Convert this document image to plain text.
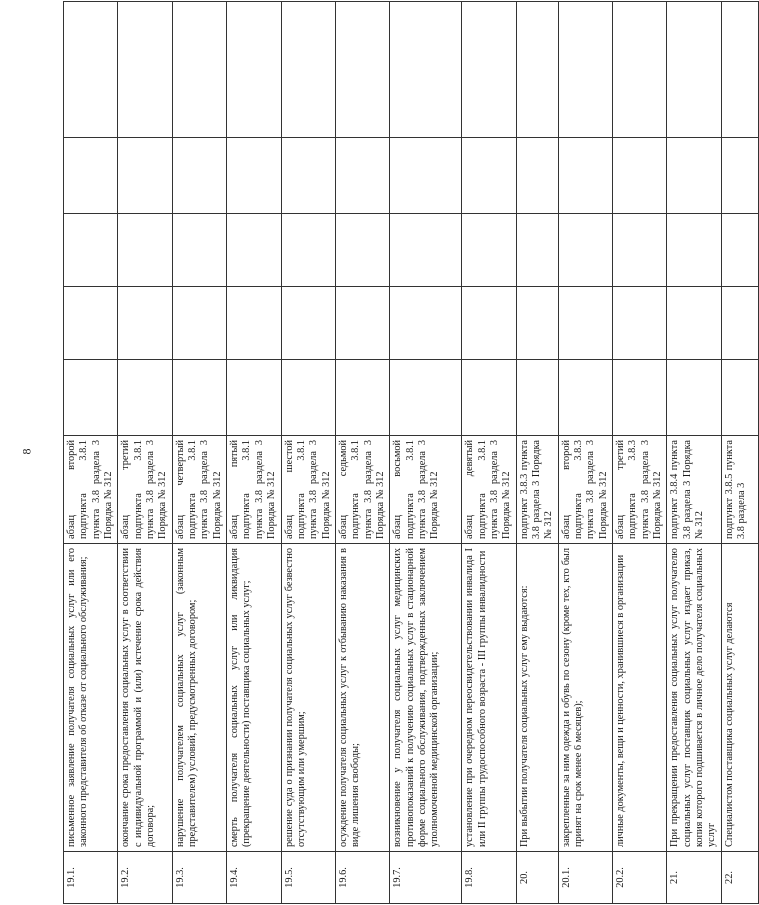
8
19.1.	письменное заявление получателя социальных услуг или его законного представителя об отказе от социального обслуживания;	абзац второй подпункта 3.8.1 пункта 3.8 раздела 3 Порядка № 312					
19.2.	окончание срока предоставления социальных услуг в соответствии с индивидуальной программой и (или) истечение срока действия договора;	абзац третий подпункта 3.8.1 пункта 3.8 раздела 3 Порядка № 312					
19.3.	нарушение получателем социальных услуг (законным представителем) условий, предусмотренных договором;	абзац четвертый подпункта 3.8.1 пункта 3.8 раздела 3 Порядка № 312					
19.4.	смерть получателя социальных услуг или ликвидация (прекращение деятельности) поставщика социальных услуг;	абзац пятый подпункта 3.8.1 пункта 3.8 раздела 3 Порядка № 312					
19.5.	решение суда о признании получателя социальных услуг безвестно отсутствующим или умершим;	абзац шестой подпункта 3.8.1 пункта 3.8 раздела 3 Порядка № 312					
19.6.	осуждение получателя социальных услуг к отбыванию наказания в виде лишения свободы;	абзац седьмой подпункта 3.8.1 пункта 3.8 раздела 3 Порядка № 312					
19.7.	возникновение у получателя социальных услуг медицинских противопоказаний к получению социальных услуг в стационарной форме социального обслуживания, подтвержденных заключением уполномоченной медицинской организации;	абзац восьмой подпункта 3.8.1 пункта 3.8 раздела 3 Порядка № 312					
19.8.	установление при очередном переосвидетельствовании инвалида I или II группы трудоспособного возраста - III группы инвалидности	абзац девятый подпункта 3.8.1 пункта 3.8 раздела 3 Порядка № 312					
20.	При выбытии получателя социальных услуг ему выдаются:	подпункт 3.8.3 пункта 3.8 раздела 3 Порядка № 312					
20.1.	закрепленные за ним одежда и обувь по сезону (кроме тех, кто был принят на срок менее 6 месяцев);	абзац второй подпункта 3.8.3 пункта 3.8 раздела 3 Порядка № 312					
20.2.	личные документы, вещи и ценности, хранившиеся в организации	абзац третий подпункта 3.8.3 пункта 3.8 раздела 3 Порядка № 312					
21.	При прекращении предоставления социальных услуг получателю социальных услуг поставщик социальных услуг издает приказ, копия которого подшивается в личное дело получателя социальных услуг	подпункт 3.8.4 пункта 3.8 раздела 3 Порядка № 312					
22.	Специалистом поставщика социальных услуг делаются	подпункт 3.8.5 пункта 3.8 раздела 3					
